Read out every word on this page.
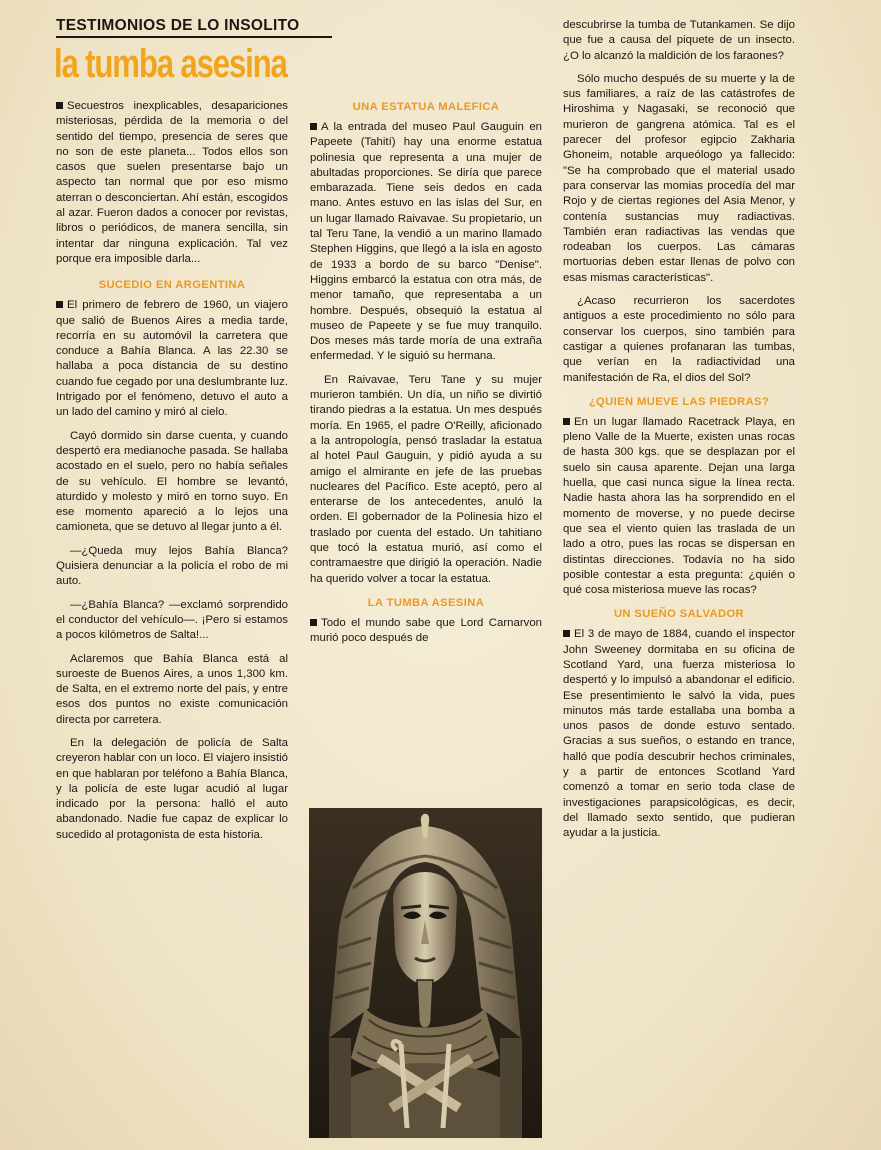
TESTIMONIOS DE LO INSOLITO
la tumba asesina

Secuestros inexplicables, desapariciones misteriosas, pérdida de la memoria o del sentido del tiempo, presencia de seres que no son de este planeta... Todos ellos son casos que suelen presentarse bajo un aspecto tan normal que por eso mismo aterran o desconciertan. Ahí están, escogidos al azar. Fueron dados a conocer por revistas, libros o periódicos, de manera sencilla, sin intentar dar ninguna explicación. Tal vez porque era imposible darla...

SUCEDIO EN ARGENTINA

El primero de febrero de 1960, un viajero que salió de Buenos Aires a media tarde, recorría en su automóvil la carretera que conduce a Bahía Blanca. A las 22.30 se hallaba a poca distancia de su destino cuando fue cegado por una deslumbrante luz. Intrigado por el fenómeno, detuvo el auto a un lado del camino y miró al cielo.

Cayó dormido sin darse cuenta, y cuando despertó era medianoche pasada. Se hallaba acostado en el suelo, pero no había señales de su vehículo. El hombre se levantó, aturdido y molesto y miró en torno suyo. En ese momento apareció a lo lejos una camioneta, que se detuvo al llegar junto a él.

—¿Queda muy lejos Bahía Blanca? Quisiera denunciar a la policía el robo de mi auto.

—¿Bahía Blanca? —exclamó sorprendido el conductor del vehículo—. ¡Pero si estamos a pocos kilómetros de Salta!...

Aclaremos que Bahía Blanca está al suroeste de Buenos Aires, a unos 1,300 km. de Salta, en el extremo norte del país, y entre esos dos puntos no existe comunicación directa por carretera.

En la delegación de policía de Salta creyeron hablar con un loco. El viajero insistió en que hablaran por teléfono a Bahía Blanca, y la policía de este lugar acudió al lugar indicado por la persona: halló el auto abandonado. Nadie fue capaz de explicar lo sucedido al protagonista de esta historia.

UNA ESTATUA MALEFICA

A la entrada del museo Paul Gauguin en Papeete (Tahití) hay una enorme estatua polinesia que representa a una mujer de abultadas proporciones. Se diría que parece embarazada. Tiene seis dedos en cada mano. Antes estuvo en las islas del Sur, en un lugar llamado Raivavae. Su propietario, un tal Teru Tane, la vendió a un marino llamado Stephen Higgins, que llegó a la isla en agosto de 1933 a bordo de su barco "Denise". Higgins embarcó la estatua con otra más, de menor tamaño, que representaba a un hombre. Después, obsequió la estatua al museo de Papeete y se fue muy tranquilo. Dos meses más tarde moría de una extraña enfermedad. Y le siguió su hermana.

En Raivavae, Teru Tane y su mujer murieron también. Un día, un niño se divirtió tirando piedras a la estatua. Un mes después moría. En 1965, el padre O'Reilly, aficionado a la antropología, pensó trasladar la estatua al hotel Paul Gauguin, y pidió ayuda a su amigo el almirante en jefe de las pruebas nucleares del Pacífico. Este aceptó, pero al enterarse de los antecedentes, anuló la orden. El gobernador de la Polinesia hizo el traslado por cuenta del estado. Un tahitiano que tocó la estatua murió, así como el contramaestre que dirigió la operación. Nadie ha querido volver a tocar la estatua.

LA TUMBA ASESINA

Todo el mundo sabe que Lord Carnarvon murió poco después de

descubrirse la tumba de Tutankamen. Se dijo que fue a causa del piquete de un insecto. ¿O lo alcanzó la maldición de los faraones?

Sólo mucho después de su muerte y la de sus familiares, a raíz de las catástrofes de Hiroshima y Nagasaki, se reconoció que murieron de gangrena atómica. Tal es el parecer del profesor egipcio Zakharia Ghoneim, notable arqueólogo ya fallecido: "Se ha comprobado que el material usado para conservar las momias procedía del mar Rojo y de ciertas regiones del Asia Menor, y contenía sustancias muy radiactivas. También eran radiactivas las vendas que rodeaban los cuerpos. Las cámaras mortuorias deben estar llenas de polvo con esas mismas características".

¿Acaso recurrieron los sacerdotes antiguos a este procedimiento no sólo para conservar los cuerpos, sino también para castigar a quienes profanaran las tumbas, que verían en la radiactividad una manifestación de Ra, el dios del Sol?

¿QUIEN MUEVE LAS PIEDRAS?

En un lugar llamado Racetrack Playa, en pleno Valle de la Muerte, existen unas rocas de hasta 300 kgs. que se desplazan por el suelo sin causa aparente. Dejan una larga huella, que casi nunca sigue la línea recta. Nadie hasta ahora las ha sorprendido en el momento de moverse, y no puede decirse que sea el viento quien las traslada de un lado a otro, pues las rocas se dispersan en distintas direcciones. Todavía no ha sido posible contestar a esta pregunta: ¿quién o qué cosa misteriosa mueve las rocas?

UN SUEÑO SALVADOR

El 3 de mayo de 1884, cuando el inspector John Sweeney dormitaba en su oficina de Scotland Yard, una fuerza misteriosa lo despertó y lo impulsó a abandonar el edificio. Ese presentimiento le salvó la vida, pues minutos más tarde estallaba una bomba a unos pasos de donde estuvo sentado. Gracias a sus sueños, o estando en trance, halló que podía descubrir hechos criminales, y a partir de entonces Scotland Yard comenzó a tomar en serio toda clase de investigaciones parapsicológicas, es decir, del llamado sexto sentido, que pudieran ayudar a la justicia.
